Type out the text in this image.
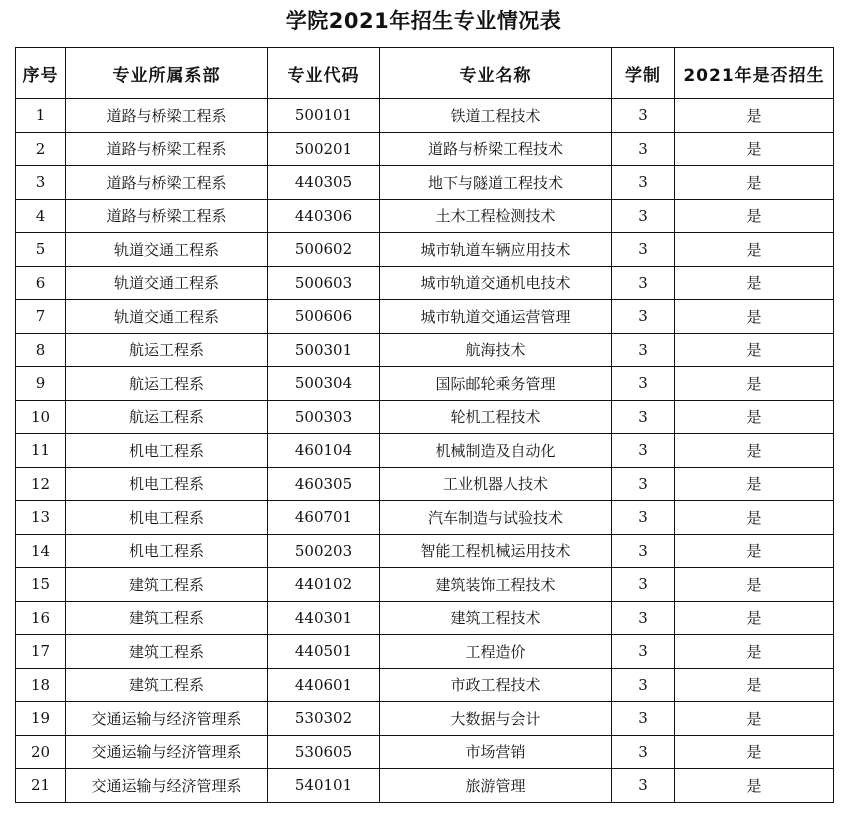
学院2021年招生专业情况表
序号	专业所属系部	专业代码	专业名称	学制	2021年是否招生
1	道路与桥梁工程系	500101	铁道工程技术	3	是
2	道路与桥梁工程系	500201	道路与桥梁工程技术	3	是
3	道路与桥梁工程系	440305	地下与隧道工程技术	3	是
4	道路与桥梁工程系	440306	土木工程检测技术	3	是
5	轨道交通工程系	500602	城市轨道车辆应用技术	3	是
6	轨道交通工程系	500603	城市轨道交通机电技术	3	是
7	轨道交通工程系	500606	城市轨道交通运营管理	3	是
8	航运工程系	500301	航海技术	3	是
9	航运工程系	500304	国际邮轮乘务管理	3	是
10	航运工程系	500303	轮机工程技术	3	是
11	机电工程系	460104	机械制造及自动化	3	是
12	机电工程系	460305	工业机器人技术	3	是
13	机电工程系	460701	汽车制造与试验技术	3	是
14	机电工程系	500203	智能工程机械运用技术	3	是
15	建筑工程系	440102	建筑装饰工程技术	3	是
16	建筑工程系	440301	建筑工程技术	3	是
17	建筑工程系	440501	工程造价	3	是
18	建筑工程系	440601	市政工程技术	3	是
19	交通运输与经济管理系	530302	大数据与会计	3	是
20	交通运输与经济管理系	530605	市场营销	3	是
21	交通运输与经济管理系	540101	旅游管理	3	是
